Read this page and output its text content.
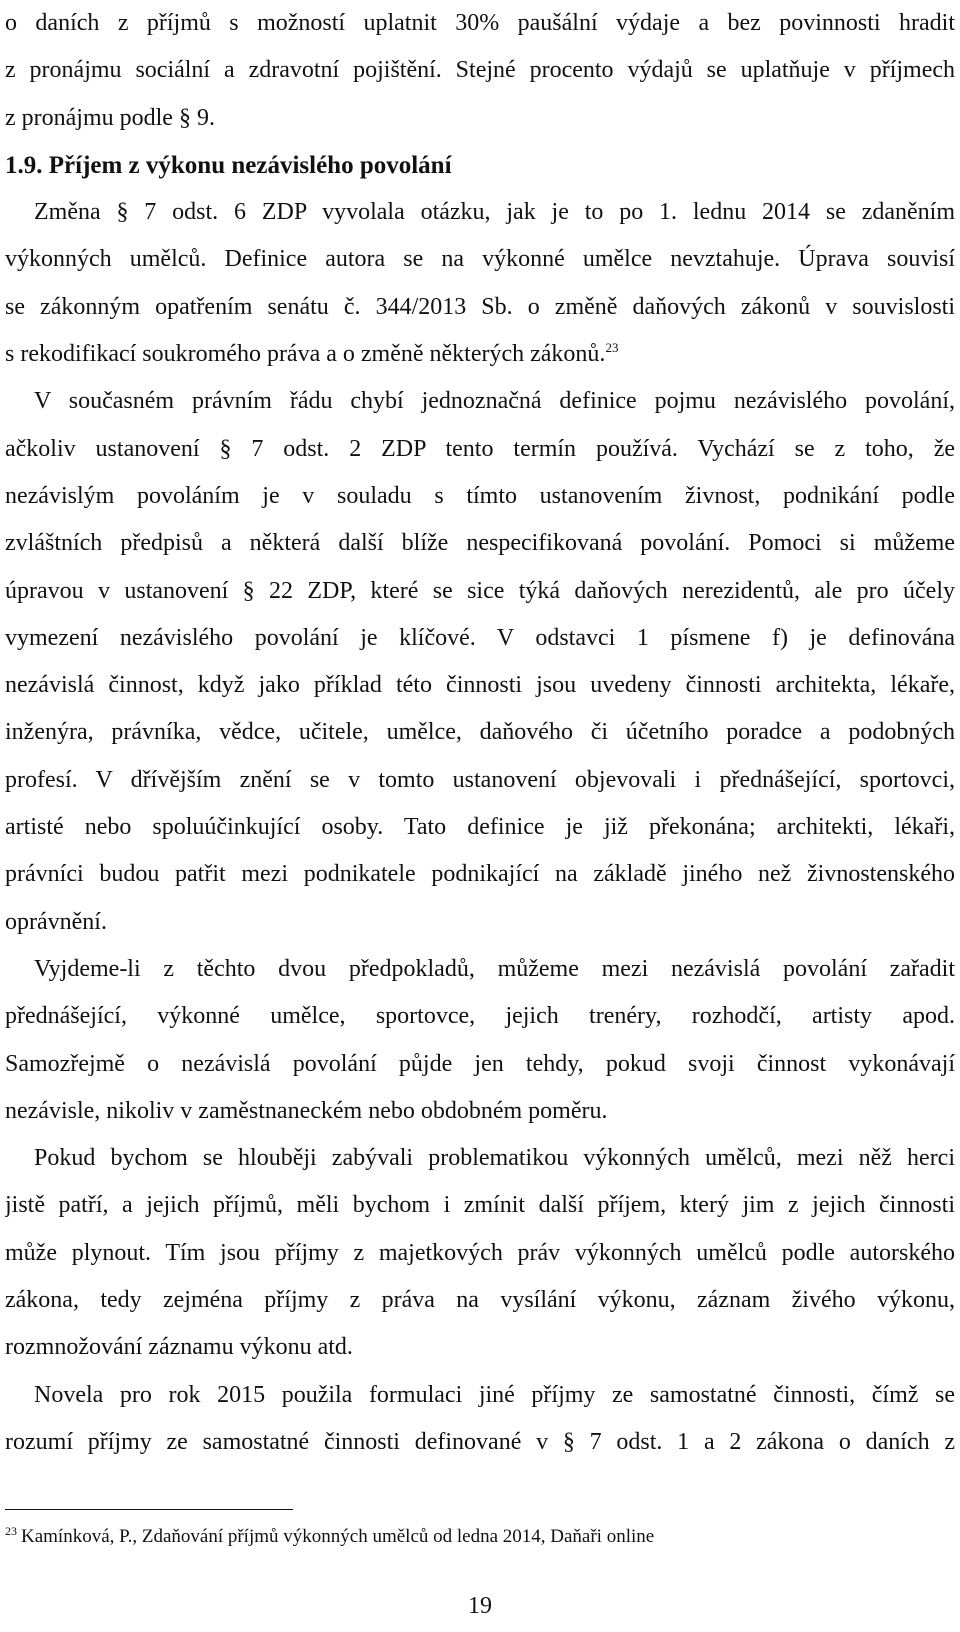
o daních z příjmů s možností uplatnit 30% paušální výdaje a bez povinnosti hradit
z pronájmu sociální a zdravotní pojištění. Stejné procento výdajů se uplatňuje v příjmech
z pronájmu podle § 9.
1.9. Příjem z výkonu nezávislého povolání
Změna § 7 odst. 6 ZDP vyvolala otázku, jak je to po 1. lednu 2014 se zdaněním
výkonných umělců. Definice autora se na výkonné umělce nevztahuje. Úprava souvisí
se zákonným opatřením senátu č. 344/2013 Sb. o změně daňových zákonů v souvislosti
s rekodifikací soukromého práva a o změně některých zákonů.$^{23}$
V současném právním řádu chybí jednoznačná definice pojmu nezávislého povolání,
ačkoliv ustanovení § 7 odst. 2 ZDP tento termín používá. Vychází se z toho, že
nezávislým povoláním je v souladu s tímto ustanovením živnost, podnikání podle
zvláštních předpisů a některá další blíže nespecifikovaná povolání. Pomoci si můžeme
úpravou v ustanovení § 22 ZDP, které se sice týká daňových nerezidentů, ale pro účely
vymezení nezávislého povolání je klíčové. V odstavci 1 písmene f) je definována
nezávislá činnost, když jako příklad této činnosti jsou uvedeny činnosti architekta, lékaře,
inženýra, právníka, vědce, učitele, umělce, daňového či účetního poradce a podobných
profesí. V dřívějším znění se v tomto ustanovení objevovali i přednášející, sportovci,
artisté nebo spoluúčinkující osoby. Tato definice je již překonána; architekti, lékaři,
právníci budou patřit mezi podnikatele podnikající na základě jiného než živnostenského
oprávnění.
Vyjdeme-li z těchto dvou předpokladů, můžeme mezi nezávislá povolání zařadit
přednášející, výkonné umělce, sportovce, jejich trenéry, rozhodčí, artisty apod.
Samozřejmě o nezávislá povolání půjde jen tehdy, pokud svoji činnost vykonávají
nezávisle, nikoliv v zaměstnaneckém nebo obdobném poměru.
Pokud bychom se hlouběji zabývali problematikou výkonných umělců, mezi něž herci
jistě patří, a jejich příjmů, měli bychom i zmínit další příjem, který jim z jejich činnosti
může plynout. Tím jsou příjmy z majetkových práv výkonných umělců podle autorského
zákona, tedy zejména příjmy z práva na vysílání výkonu, záznam živého výkonu,
rozmnožování záznamu výkonu atd.
Novela pro rok 2015 použila formulaci jiné příjmy ze samostatné činnosti, čímž se
rozumí příjmy ze samostatné činnosti definované v § 7 odst. 1 a 2 zákona o daních z
$^{23}$ Kamínková, P., Zdaňování příjmů výkonných umělců od ledna 2014, Daňaři online
19
